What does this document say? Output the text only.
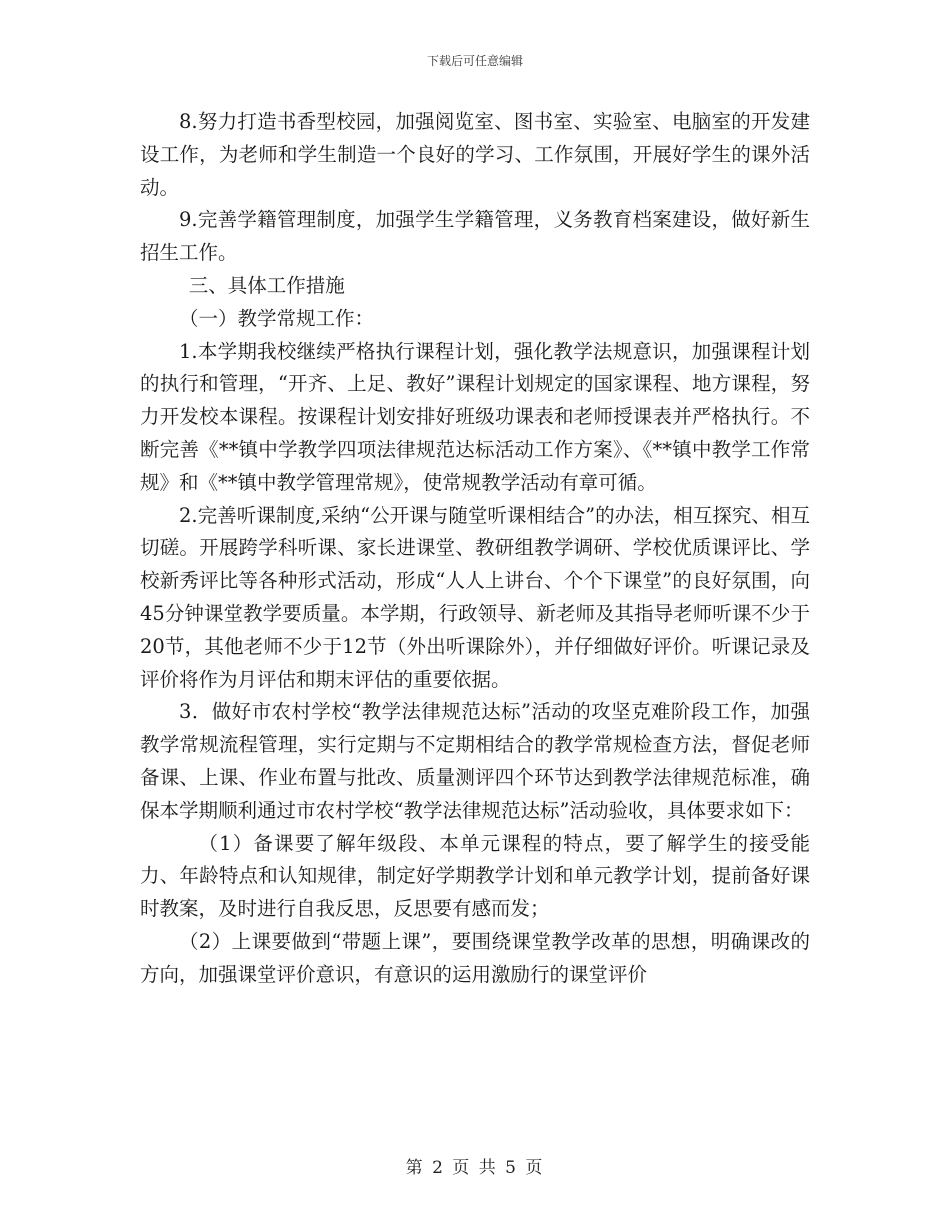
下载后可任意编辑

8.努力打造书香型校园，加强阅览室、图书室、实验室、电脑室的开发建设工作，为老师和学生制造一个良好的学习、工作氛围，开展好学生的课外活动。

9.完善学籍管理制度，加强学生学籍管理，义务教育档案建设，做好新生招生工作。

三、具体工作措施

（一）教学常规工作：

1.本学期我校继续严格执行课程计划，强化教学法规意识，加强课程计划的执行和管理，“开齐、上足、教好”课程计划规定的国家课程、地方课程，努力开发校本课程。按课程计划安排好班级功课表和老师授课表并严格执行。不断完善《**镇中学教学四项法律规范达标活动工作方案》、《**镇中教学工作常规》和《**镇中教学管理常规》，使常规教学活动有章可循。

2.完善听课制度,采纳“公开课与随堂听课相结合”的办法，相互探究、相互切磋。开展跨学科听课、家长进课堂、教研组教学调研、学校优质课评比、学校新秀评比等各种形式活动，形成“人人上讲台、个个下课堂”的良好氛围，向45分钟课堂教学要质量。本学期，行政领导、新老师及其指导老师听课不少于20节，其他老师不少于12节（外出听课除外），并仔细做好评价。听课记录及评价将作为月评估和期末评估的重要依据。

3．做好市农村学校“教学法律规范达标”活动的攻坚克难阶段工作，加强教学常规流程管理，实行定期与不定期相结合的教学常规检查方法，督促老师备课、上课、作业布置与批改、质量测评四个环节达到教学法律规范标准，确保本学期顺利通过市农村学校“教学法律规范达标”活动验收，具体要求如下：

（1）备课要了解年级段、本单元课程的特点，要了解学生的接受能力、年龄特点和认知规律，制定好学期教学计划和单元教学计划，提前备好课时教案，及时进行自我反思，反思要有感而发；

（2）上课要做到“带题上课”，要围绕课堂教学改革的思想，明确课改的方向，加强课堂评价意识，有意识的运用激励行的课堂评价

第 2 页 共 5 页
